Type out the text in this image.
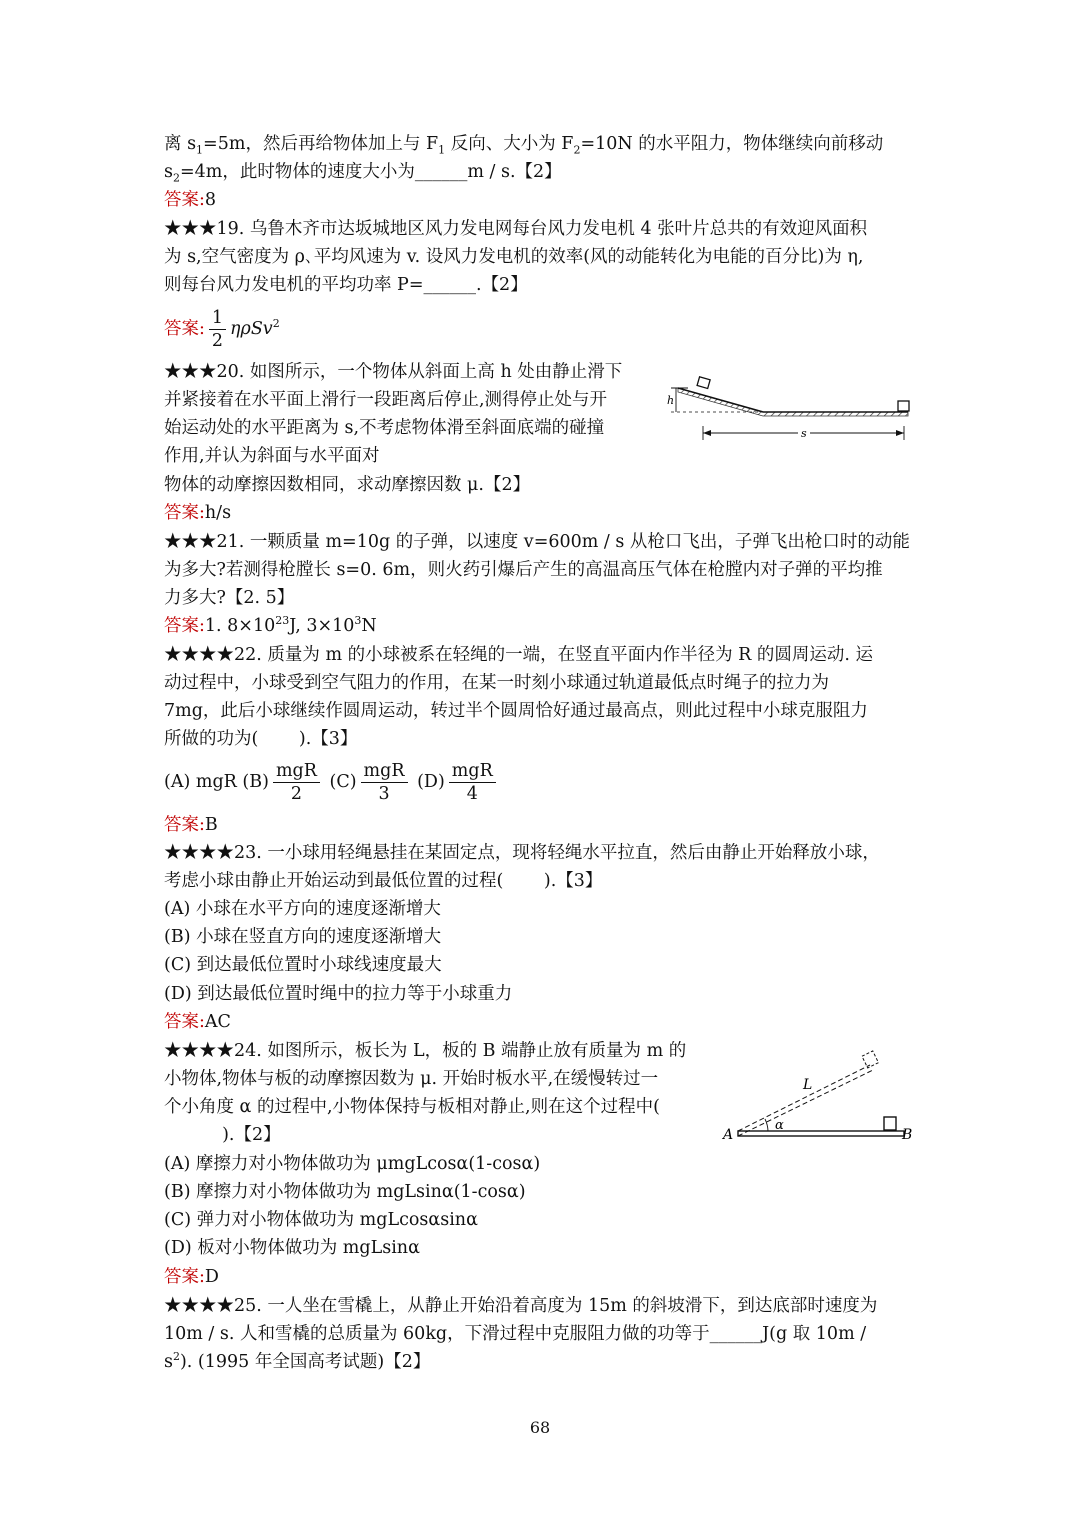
离 $s_1=5m$，然后再给物体加上与 $F_1$ 反向、大小为 $F_2=10N$ 的水平阻力，物体继续向前移动
$s_2=4m$，此时物体的速度大小为______m / s.【2】
答案:8
★★★19. 乌鲁木齐市达坂城地区风力发电网每台风力发电机 4 张叶片总共的有效迎风面积
为 s,空气密度为 ρ､平均风速为 v. 设风力发电机的效率(风的动能转化为电能的百分比)为 η,
则每台风力发电机的平均功率 P=______.【2】
答案: $\frac{1}{2} \eta\rho Sv^2$
★★★20. 如图所示，一个物体从斜面上高 h 处由静止滑下
并紧接着在水平面上滑行一段距离后停止,测得停止处与开
始运动处的水平距离为 s,不考虑物体滑至斜面底端的碰撞
作用,并认为斜面与水平面对
物体的动摩擦因数相同，求动摩擦因数 μ.【2】
答案:h/s
h
s
★★★21. 一颗质量 m=10g 的子弹，以速度 v=600m / s 从枪口飞出，子弹飞出枪口时的动能
为多大?若测得枪膛长 s=0. 6m，则火药引爆后产生的高温高压气体在枪膛内对子弹的平均推
力多大?【2. 5】
答案:1. $8\times 10^{23}J$, $3\times 10^3N$
★★★★22. 质量为 m 的小球被系在轻绳的一端，在竖直平面内作半径为 R 的圆周运动. 运
动过程中，小球受到空气阻力的作用，在某一时刻小球通过轨道最低点时绳子的拉力为
7mg，此后小球继续作圆周运动，转过半个圆周恰好通过最高点，则此过程中小球克服阻力
所做的功为(　　 ).【3】
(A) mgR $(B) \frac{\text{mgR}}{2} (C) \frac{\text{mgR}}{3} (D) \frac{\text{mgR}}{4}$
答案:B
★★★★23. 一小球用轻绳悬挂在某固定点，现将轻绳水平拉直，然后由静止开始释放小球，
考虑小球由静止开始运动到最低位置的过程(　　 ).【3】
(A) 小球在水平方向的速度逐渐增大
(B) 小球在竖直方向的速度逐渐增大
(C) 到达最低位置时小球线速度最大
(D) 到达最低位置时绳中的拉力等于小球重力
答案:AC
★★★★24. 如图所示，板长为 L，板的 B 端静止放有质量为 m 的
小物体,物体与板的动摩擦因数为 μ. 开始时板水平,在缓慢转过一
个小角度 α 的过程中,小物体保持与板相对静止,则在这个过程中(
　　　 ).【2】
(A) 摩擦力对小物体做功为 μmgLcosα(1-cosα)
(B) 摩擦力对小物体做功为 mgLsinα(1-cosα)
(C) 弹力对小物体做功为 mgLcosαsinα
(D) 板对小物体做功为 mgLsinα
答案:D
α
L
A	B
★★★★25. 一人坐在雪橇上，从静止开始沿着高度为 15m 的斜坡滑下，到达底部时速度为
10m / s. 人和雪橇的总质量为 60kg，下滑过程中克服阻力做的功等于______J(g 取 10m /
$s^2$). (1995 年全国高考试题)【2】
68
